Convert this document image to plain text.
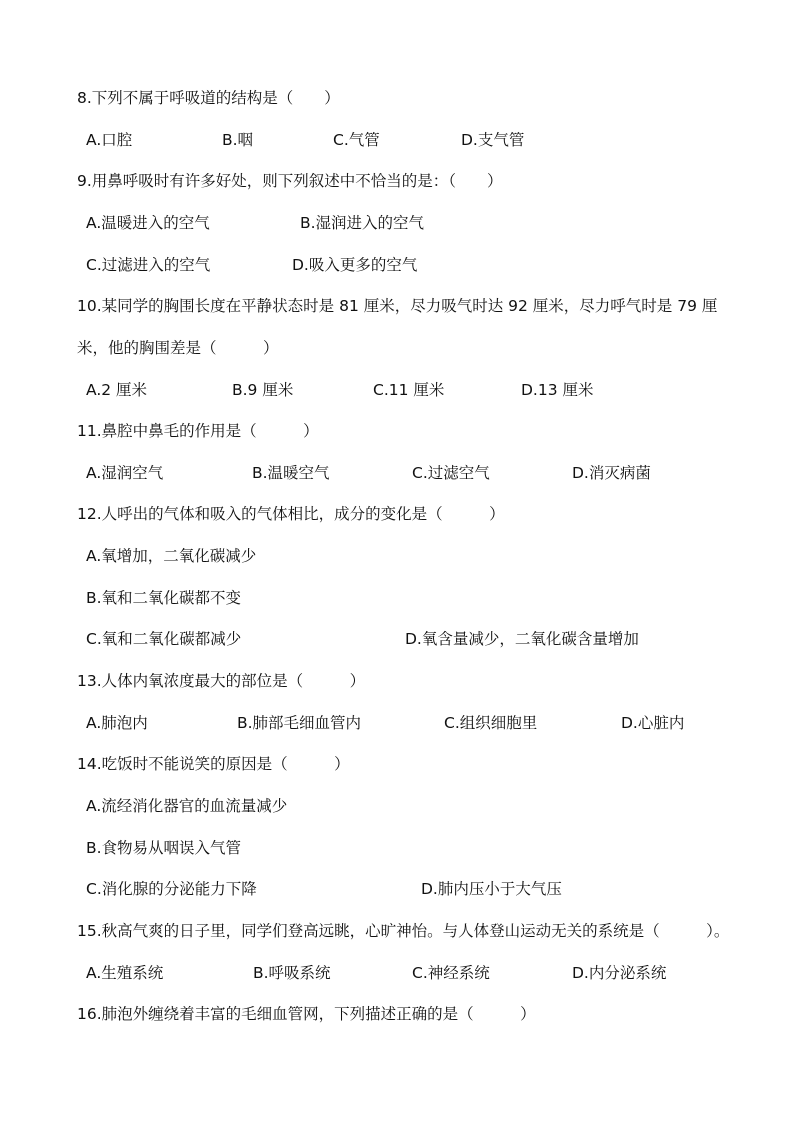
8.下列不属于呼吸道的结构是（　　）
A.口腔	B.咽	C.气管	D.支气管
9.用鼻呼吸时有许多好处，则下列叙述中不恰当的是：（　　）
A.温暖进入的空气	B.湿润进入的空气
C.过滤进入的空气	D.吸入更多的空气
10.某同学的胸围长度在平静状态时是 81 厘米，尽力吸气时达 92 厘米，尽力呼气时是 79 厘
米，他的胸围差是（　　　）
A.2 厘米	B.9 厘米	C.11 厘米	D.13 厘米
11.鼻腔中鼻毛的作用是（　　　）
A.湿润空气	B.温暖空气	C.过滤空气	D.消灭病菌
12.人呼出的气体和吸入的气体相比，成分的变化是（　　　）
A.氧增加，二氧化碳减少
B.氧和二氧化碳都不变
C.氧和二氧化碳都减少	D.氧含量减少，二氧化碳含量增加
13.人体内氧浓度最大的部位是（　　　）
A.肺泡内	B.肺部毛细血管内	C.组织细胞里	D.心脏内
14.吃饭时不能说笑的原因是（　　　）
A.流经消化器官的血流量减少
B.食物易从咽误入气管
C.消化腺的分泌能力下降	D.肺内压小于大气压
15.秋高气爽的日子里，同学们登高远眺，心旷神怡。与人体登山运动无关的系统是（　　　）。
A.生殖系统	B.呼吸系统	C.神经系统	D.内分泌系统
16.肺泡外缠绕着丰富的毛细血管网，下列描述正确的是（　　　）
